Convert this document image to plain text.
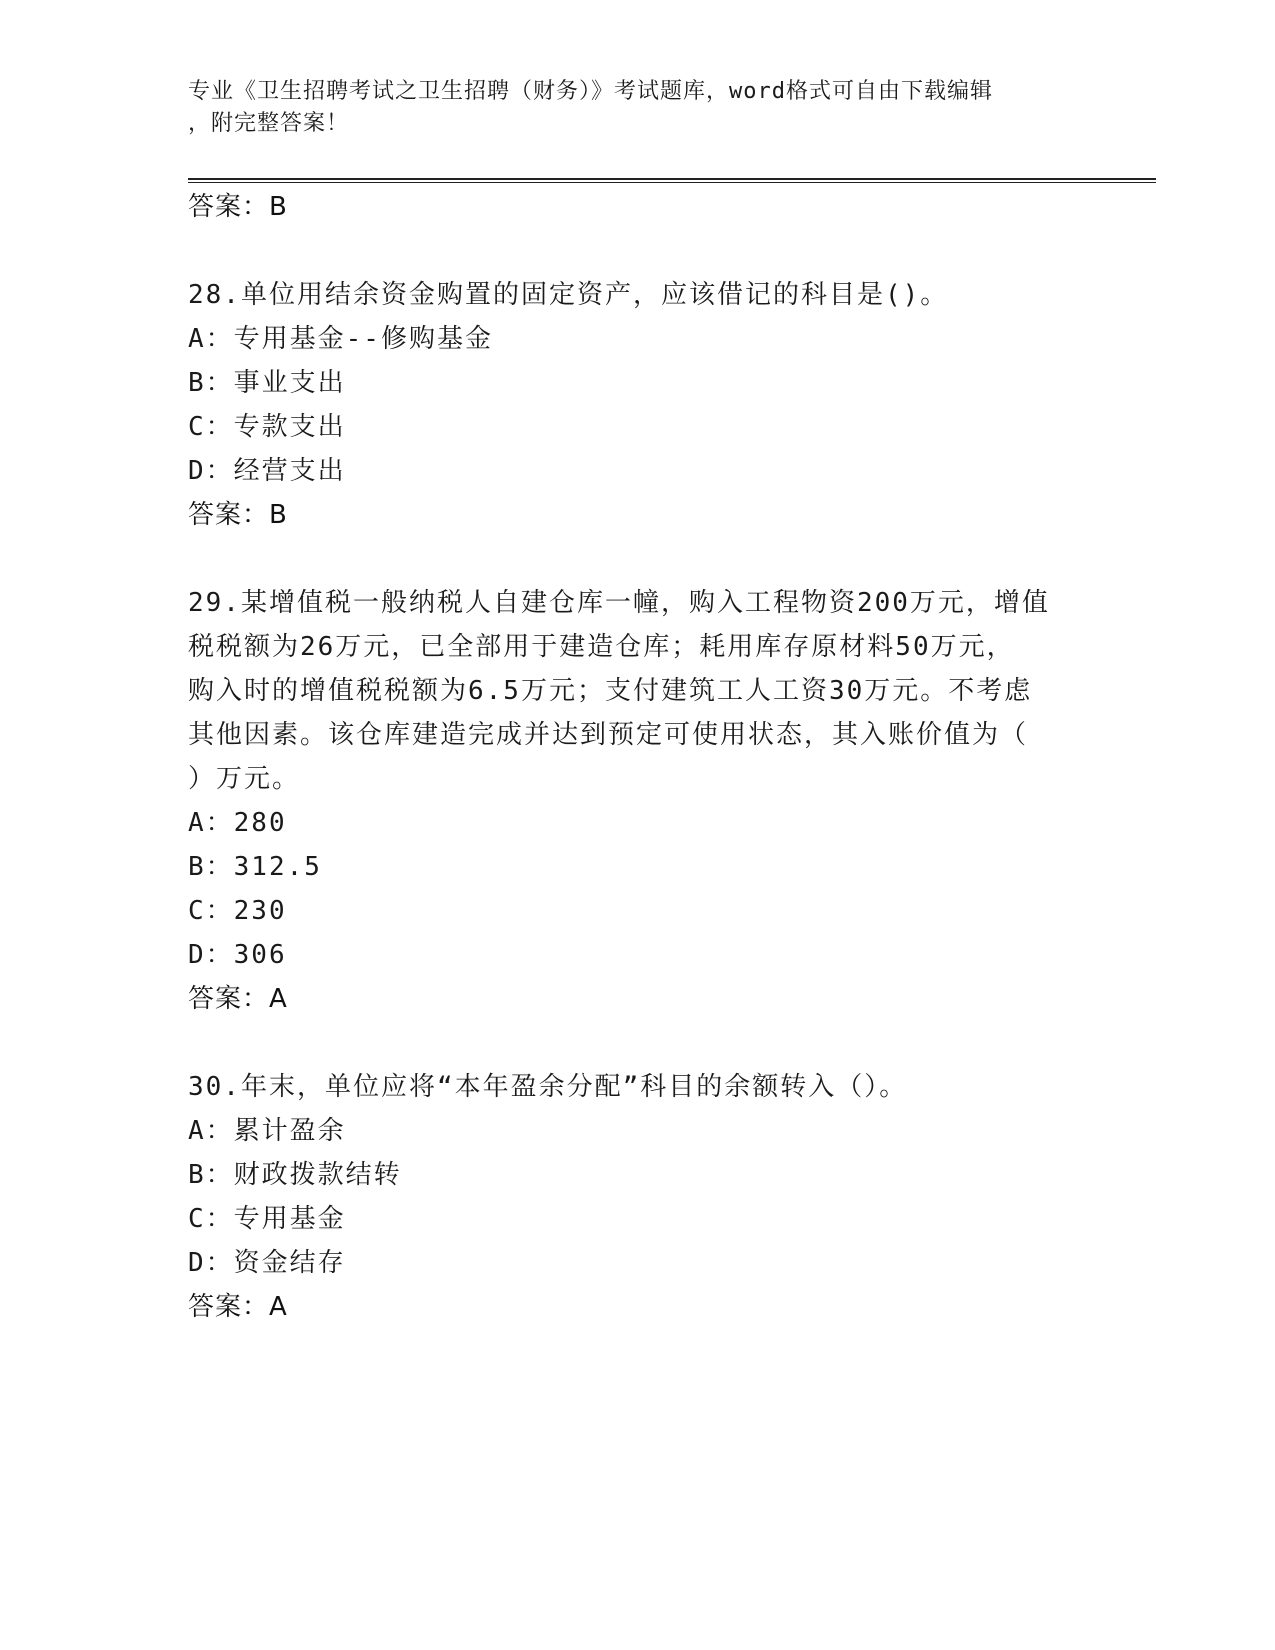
专业《卫生招聘考试之卫生招聘（财务）》考试题库，word格式可自由下载编辑
，附完整答案！
答案：B
28.单位用结余资金购置的固定资产，应该借记的科目是()。
A：专用基金--修购基金
B：事业支出
C：专款支出
D：经营支出
答案：B
29.某增值税一般纳税人自建仓库一幢，购入工程物资200万元，增值
税税额为26万元，已全部用于建造仓库；耗用库存原材料50万元，
购入时的增值税税额为6.5万元；支付建筑工人工资30万元。不考虑
其他因素。该仓库建造完成并达到预定可使用状态，其入账价值为（
）万元。
A：280
B：312.5
C：230
D：306
答案：A
30.年末，单位应将“本年盈余分配”科目的余额转入（）。
A：累计盈余
B：财政拨款结转
C：专用基金
D：资金结存
答案：A
